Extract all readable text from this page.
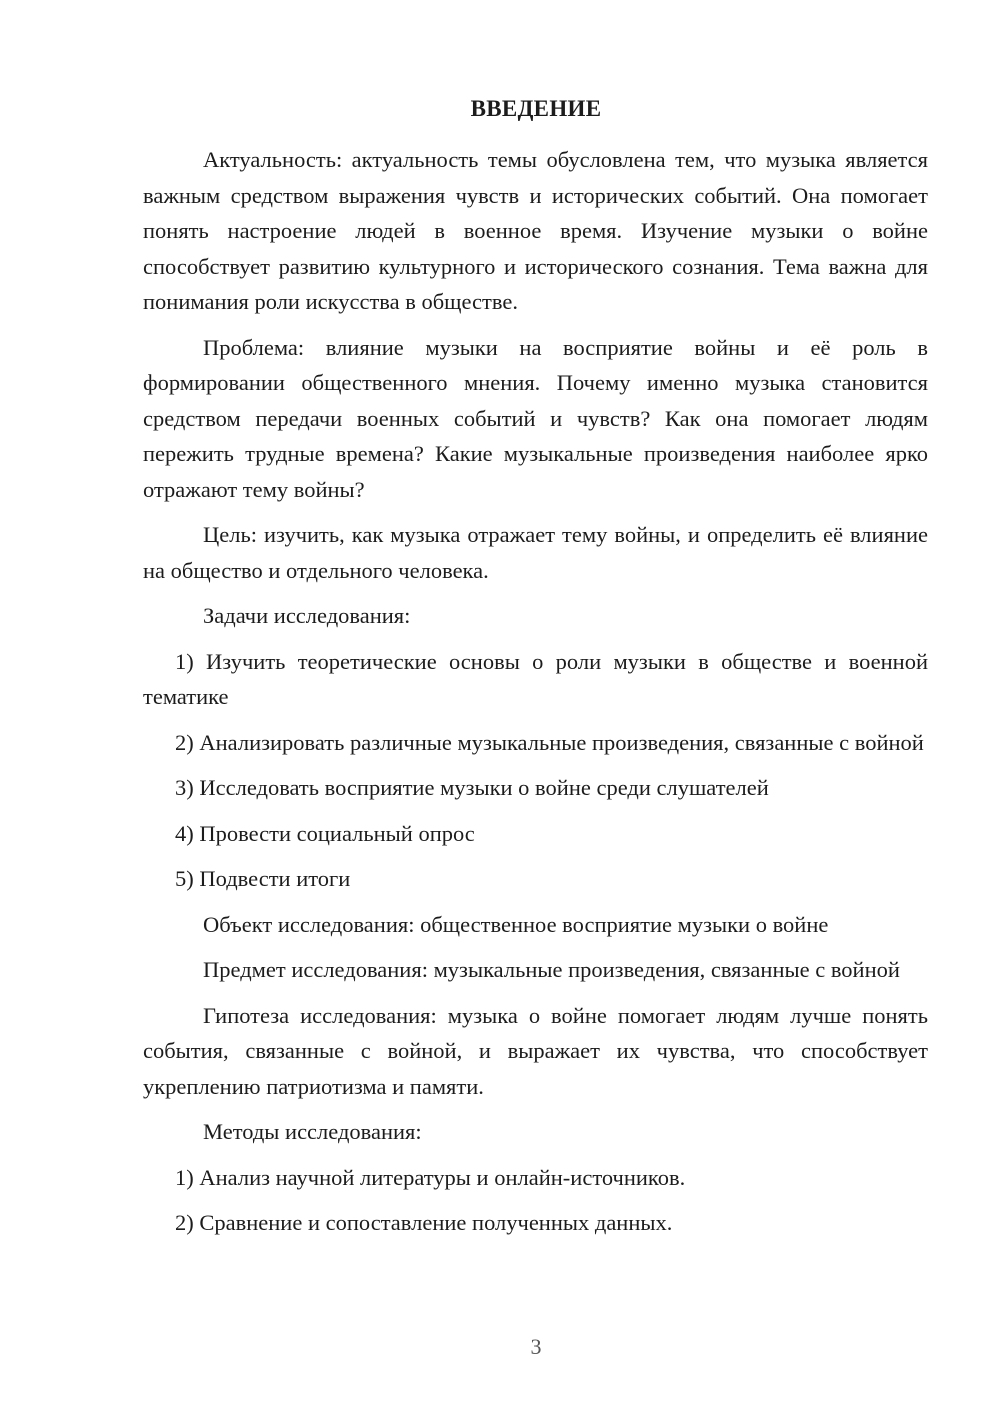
ВВЕДЕНИЕ

Актуальность: актуальность темы обусловлена тем, что музыка является важным средством выражения чувств и исторических событий. Она помогает понять настроение людей в военное время. Изучение музыки о войне способствует развитию культурного и исторического сознания. Тема важна для понимания роли искусства в обществе.

Проблема: влияние музыки на восприятие войны и её роль в формировании общественного мнения. Почему именно музыка становится средством передачи военных событий и чувств? Как она помогает людям пережить трудные времена? Какие музыкальные произведения наиболее ярко отражают тему войны?

Цель: изучить, как музыка отражает тему войны, и определить её влияние на общество и отдельного человека.

Задачи исследования:

1) Изучить теоретические основы о роли музыки в обществе и военной тематике

2) Анализировать различные музыкальные произведения, связанные с войной

3) Исследовать восприятие музыки о войне среди слушателей

4) Провести социальный опрос

5) Подвести итоги

Объект исследования: общественное восприятие музыки о войне

Предмет исследования: музыкальные произведения, связанные с войной

Гипотеза исследования: музыка о войне помогает людям лучше понять события, связанные с войной, и выражает их чувства, что способствует укреплению патриотизма и памяти.

Методы исследования:

1) Анализ научной литературы и онлайн-источников.

2) Сравнение и сопоставление полученных данных.

3
